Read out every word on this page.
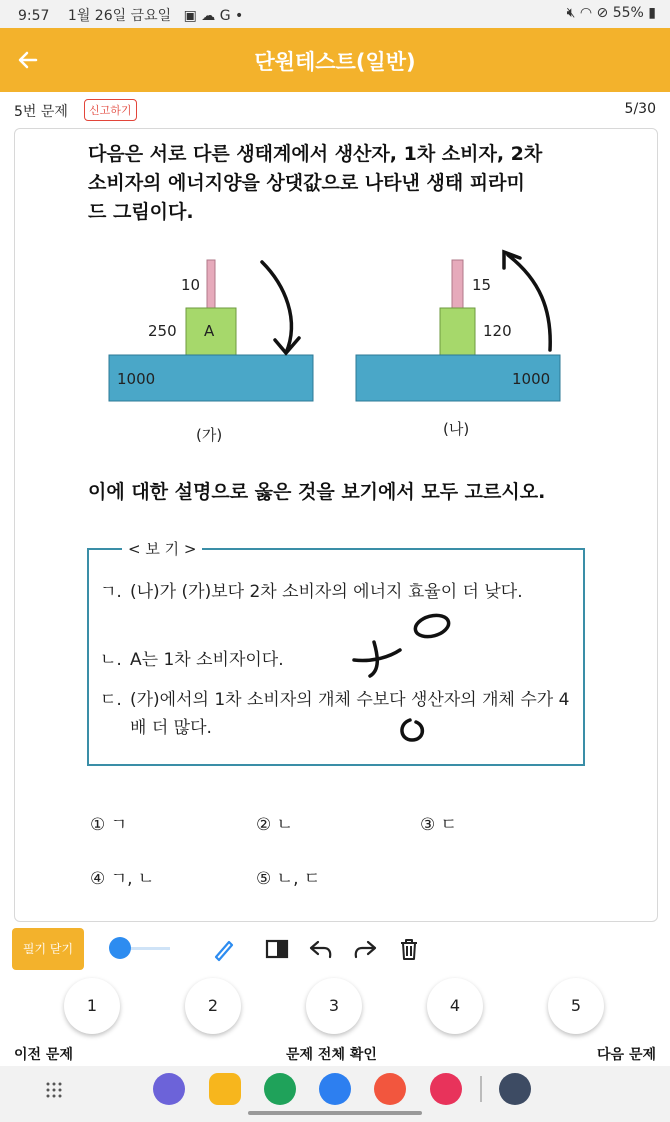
9:57 1월 26일 금요일 ▣ ☁ G •	🔇︎ ◠ ⊘ 55% ▮
단원테스트(일반)
5번 문제	신고하기	5/30
다음은 서로 다른 생태계에서 생산자, 1차 소비자, 2차
소비자의 에너지양을 상댓값으로 나타낸 생태 피라미
드 그림이다.
10
250 A
1000
(가)
15
120
1000
(나)
이에 대한 설명으로 옳은 것을 보기에서 모두 고르시오.
< 보 기 >
ㄱ. (나)가 (가)보다 2차 소비자의 에너지 효율이 더 낮다.
ㄴ. A는 1차 소비자이다.
ㄷ. (가)에서의 1차 소비자의 개체 수보다 생산자의 개체 수가 4배 더 많다.
① ㄱ	② ㄴ	③ ㄷ
④ ㄱ, ㄴ	⑤ ㄴ, ㄷ
필기 닫기
1	2	3	4	5
이전 문제	문제 전체 확인	다음 문제
